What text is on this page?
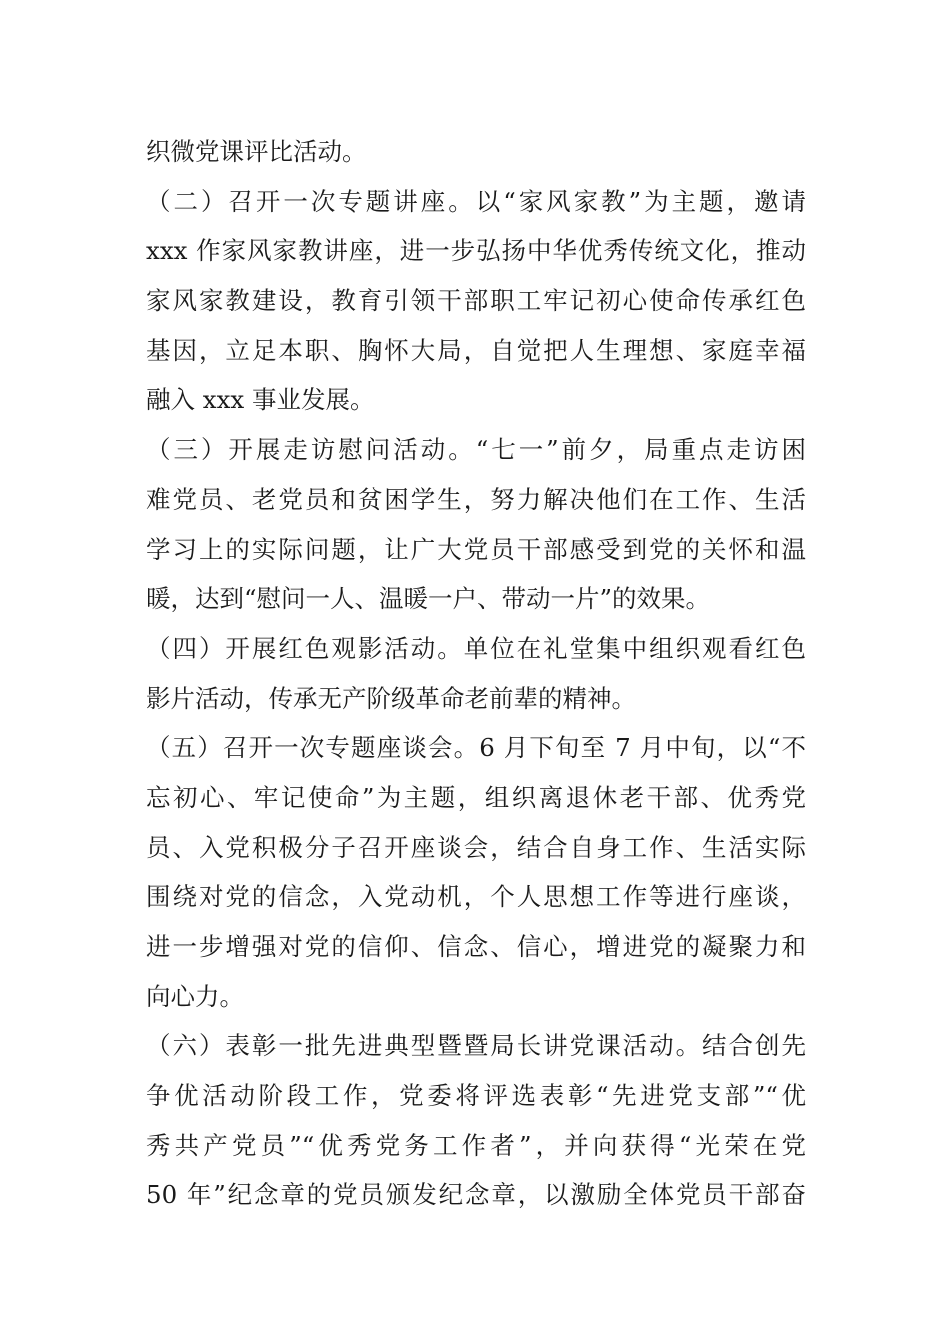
织微党课评比活动。
（二）召开一次专题讲座。以“家风家教”为主题，邀请
xxx 作家风家教讲座，进一步弘扬中华优秀传统文化，推动
家风家教建设，教育引领干部职工牢记初心使命传承红色
基因，立足本职、胸怀大局，自觉把人生理想、家庭幸福
融入 xxx 事业发展。
（三）开展走访慰问活动。“七一”前夕，局重点走访困
难党员、老党员和贫困学生，努力解决他们在工作、生活
学习上的实际问题，让广大党员干部感受到党的关怀和温
暖，达到“慰问一人、温暖一户、带动一片”的效果。
（四）开展红色观影活动。单位在礼堂集中组织观看红色
影片活动，传承无产阶级革命老前辈的精神。
（五）召开一次专题座谈会。6 月下旬至 7 月中旬，以“不
忘初心、牢记使命”为主题，组织离退休老干部、优秀党
员、入党积极分子召开座谈会，结合自身工作、生活实际
围绕对党的信念，入党动机，个人思想工作等进行座谈，
进一步增强对党的信仰、信念、信心，增进党的凝聚力和
向心力。
（六）表彰一批先进典型暨暨局长讲党课活动。结合创先
争优活动阶段工作，党委将评选表彰“先进党支部”“优
秀共产党员”“优秀党务工作者”，并向获得“光荣在党
50 年”纪念章的党员颁发纪念章，以激励全体党员干部奋
